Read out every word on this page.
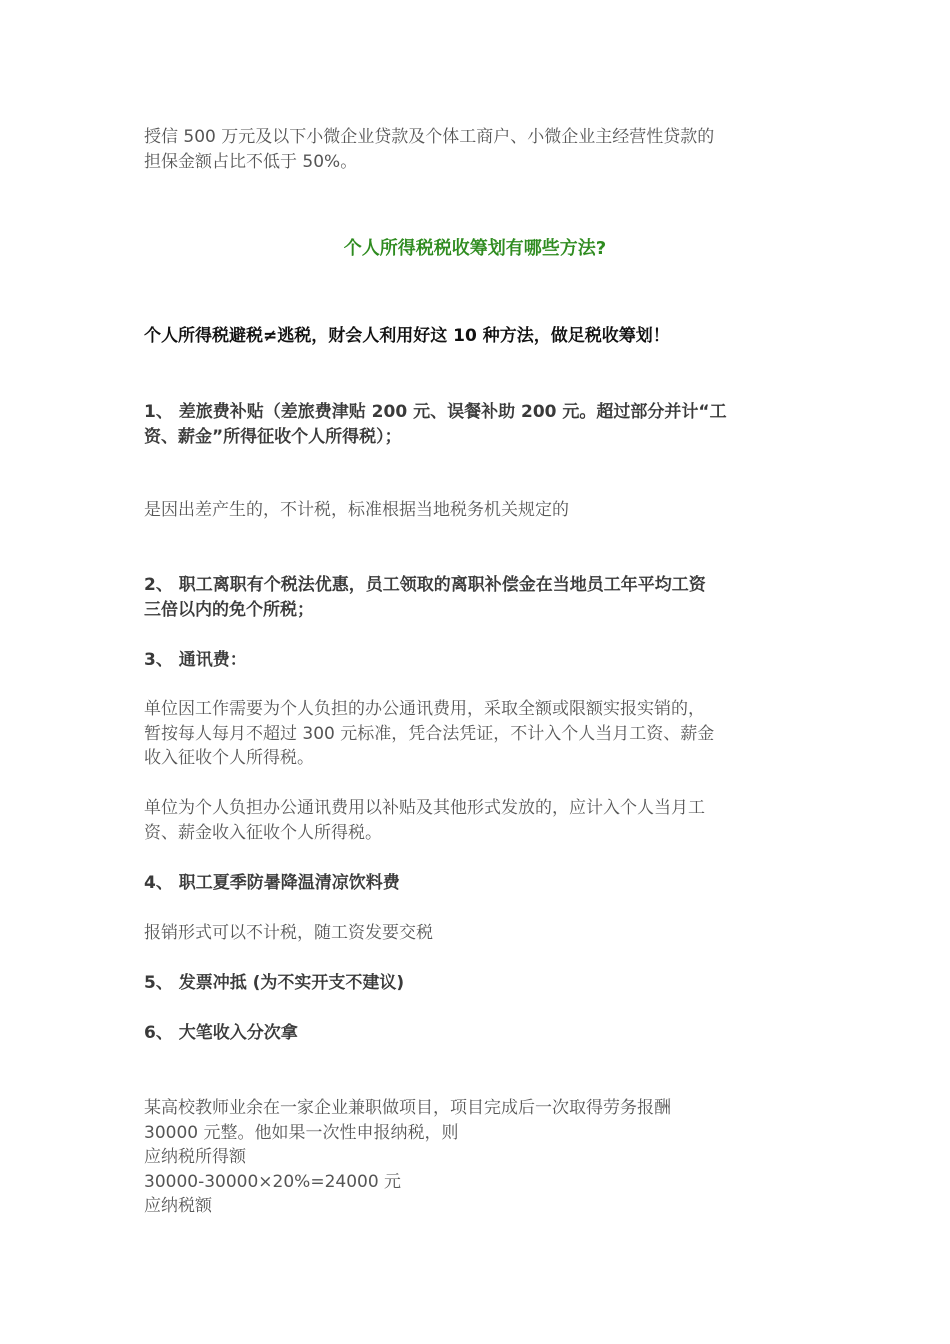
授信 500 万元及以下小微企业贷款及个体工商户、小微企业主经营性贷款的
担保金额占比不低于 50%。
个人所得税税收筹划有哪些方法?
个人所得税避税≠逃税，财会人利用好这 10 种方法，做足税收筹划！
1、 差旅费补贴（差旅费津贴 200 元、误餐补助 200 元。超过部分并计“工
资、薪金”所得征收个人所得税）；
是因出差产生的，不计税，标准根据当地税务机关规定的
2、 职工离职有个税法优惠，员工领取的离职补偿金在当地员工年平均工资
三倍以内的免个所税；
3、 通讯费：
单位因工作需要为个人负担的办公通讯费用，采取全额或限额实报实销的，
暂按每人每月不超过 300 元标准，凭合法凭证，不计入个人当月工资、薪金
收入征收个人所得税。
单位为个人负担办公通讯费用以补贴及其他形式发放的，应计入个人当月工
资、薪金收入征收个人所得税。
4、 职工夏季防暑降温清凉饮料费
报销形式可以不计税，随工资发要交税
5、 发票冲抵 (为不实开支不建议)
6、 大笔收入分次拿
某高校教师业余在一家企业兼职做项目，项目完成后一次取得劳务报酬
30000 元整。他如果一次性申报纳税，则
应纳税所得额
30000-30000×20%=24000 元
应纳税额
